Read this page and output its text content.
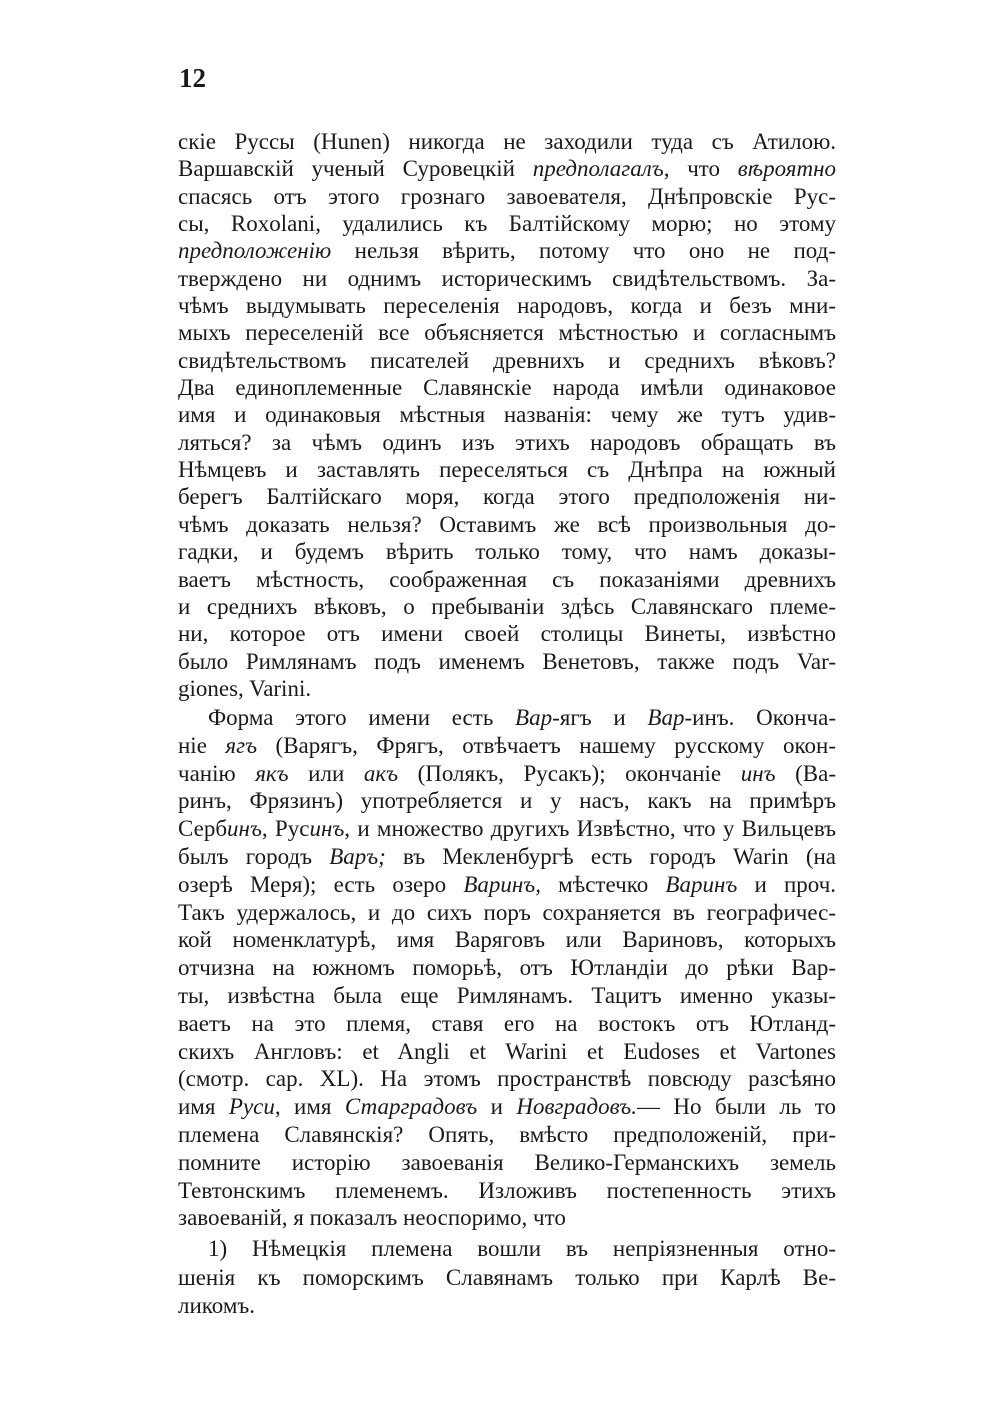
12
скіе Руссы (Hunen) никогда не заходили туда съ Атилою.
Варшавскій ученый Суровецкій предполагалъ, что вѣроятно
спасясь отъ этого грознаго завоевателя, Днѣпровскіе Рус-
сы, Roxolani, удалились къ Балтійскому морю; но этому
предположенію нельзя вѣрить, потому что оно не под-
тверждено ни однимъ историческимъ свидѣтельствомъ. За-
чѣмъ выдумывать переселенія народовъ, когда и безъ мни-
мыхъ переселеній все объясняется мѣстностью и согласнымъ
свидѣтельствомъ писателей древнихъ и среднихъ вѣковъ?
Два единоплеменные Славянскіе народа имѣли одинаковое
имя и одинаковыя мѣстныя названія: чему же тутъ удив-
ляться? за чѣмъ одинъ изъ этихъ народовъ обращать въ
Нѣмцевъ и заставлять переселяться съ Днѣпра на южный
берегъ Балтійскаго моря, когда этого предположенія ни-
чѣмъ доказать нельзя? Оставимъ же всѣ произвольныя до-
гадки, и будемъ вѣрить только тому, что намъ доказы-
ваетъ мѣстность, соображенная съ показаніями древнихъ
и среднихъ вѣковъ, о пребываніи здѣсь Славянскаго племе-
ни, которое отъ имени своей столицы Винеты, извѣстно
было Римлянамъ подъ именемъ Венетовъ, также подъ Var-
giones, Varini.
Форма этого имени есть Вар-ягъ и Вар-инъ. Оконча-
ніе ягъ (Варягъ, Фрягъ, отвѣчаетъ нашему русскому окон-
чанію якъ или акъ (Полякъ, Русакъ); окончаніе инъ (Ва-
ринъ, Фрязинъ) употребляется и у насъ, какъ на примѣръ
Сербинъ, Русинъ, и множество другихъ Извѣстно, что у Вильцевъ
былъ городъ Варъ; въ Мекленбургѣ есть городъ Warin (на
озерѣ Меря); есть озеро Варинъ, мѣстечко Варинъ и проч.
Такъ удержалось, и до сихъ поръ сохраняется въ географичес-
кой номенклатурѣ, имя Варяговъ или Вариновъ, которыхъ
отчизна на южномъ поморьѣ, отъ Ютландіи до рѣки Вар-
ты, извѣстна была еще Римлянамъ. Тацитъ именно указы-
ваетъ на это племя, ставя его на востокъ отъ Ютланд-
скихъ Англовъ: et Angli et Warini et Eudoses et Vartones
(смотр. cap. XL). На этомъ пространствѣ повсюду разсѣяно
имя Руси, имя Старградовъ и Новградовъ.— Но были ль то
племена Славянскія? Опять, вмѣсто предположеній, при-
помните исторію завоеванія Велико-Германскихъ земель
Тевтонскимъ племенемъ. Изложивъ постепенность этихъ
завоеваній, я показалъ неоспоримо, что
1) Нѣмецкія племена вошли въ непріязненныя отно-
шенія къ поморскимъ Славянамъ только при Карлѣ Ве-
ликомъ.
